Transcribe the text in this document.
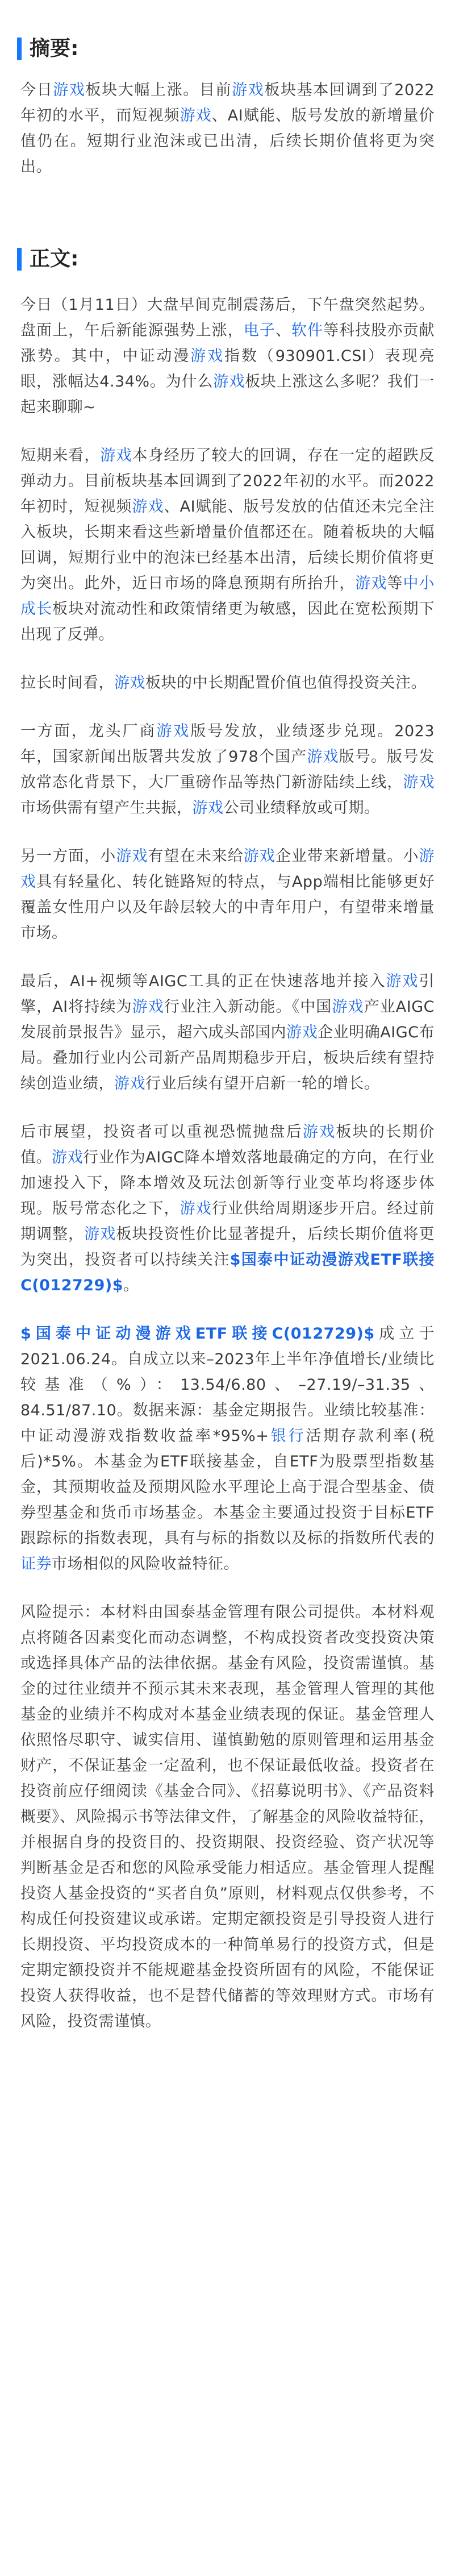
摘要:
今日游戏板块大幅上涨。目前游戏板块基本回调到了2022年初的水平，而短视频游戏、AI赋能、版号发放的新增量价值仍在。短期行业泡沫或已出清，后续长期价值将更为突出。
正文:
今日（1月11日）大盘早间克制震荡后，下午盘突然起势。盘面上，午后新能源强势上涨，电子、软件等科技股亦贡献涨势。其中，中证动漫游戏指数（930901.CSI）表现亮眼，涨幅达4.34%。为什么游戏板块上涨这么多呢？我们一起来聊聊~
短期来看，游戏本身经历了较大的回调，存在一定的超跌反弹动力。目前板块基本回调到了2022年初的水平。而2022年初时，短视频游戏、AI赋能、版号发放的估值还未完全注入板块，长期来看这些新增量价值都还在。随着板块的大幅回调，短期行业中的泡沫已经基本出清，后续长期价值将更为突出。此外，近日市场的降息预期有所抬升，游戏等中小成长板块对流动性和政策情绪更为敏感，因此在宽松预期下出现了反弹。
拉长时间看，游戏板块的中长期配置价值也值得投资关注。
一方面，龙头厂商游戏版号发放，业绩逐步兑现。2023年，国家新闻出版署共发放了978个国产游戏版号。版号发放常态化背景下，大厂重磅作品等热门新游陆续上线，游戏市场供需有望产生共振，游戏公司业绩释放或可期。
另一方面，小游戏有望在未来给游戏企业带来新增量。小游戏具有轻量化、转化链路短的特点，与App端相比能够更好覆盖女性用户以及年龄层较大的中青年用户，有望带来增量市场。
最后，AI+视频等AIGC工具的正在快速落地并接入游戏引擎，AI将持续为游戏行业注入新动能。《中国游戏产业AIGC发展前景报告》显示，超六成头部国内游戏企业明确AIGC布局。叠加行业内公司新产品周期稳步开启，板块后续有望持续创造业绩，游戏行业后续有望开启新一轮的增长。
后市展望，投资者可以重视恐慌抛盘后游戏板块的长期价值。游戏行业作为AIGC降本增效落地最确定的方向，在行业加速投入下，降本增效及玩法创新等行业变革均将逐步体现。版号常态化之下，游戏行业供给周期逐步开启。经过前期调整，游戏板块投资性价比显著提升，后续长期价值将更为突出，投资者可以持续关注$国泰中证动漫游戏ETF联接C(012729)$。
$国泰中证动漫游戏ETF联接C(012729)$成立于2021.06.24。自成立以来–2023年上半年净值增长/业绩比较基准（%）：13.54/6.80、–27.19/–31.35、84.51/87.10。数据来源：基金定期报告。业绩比较基准：中证动漫游戏指数收益率*95%+银行活期存款利率(税后)*5%。本基金为ETF联接基金，自ETF为股票型指数基金，其预期收益及预期风险水平理论上高于混合型基金、债券型基金和货币市场基金。本基金主要通过投资于目标ETF跟踪标的指数表现，具有与标的指数以及标的指数所代表的证券市场相似的风险收益特征。
风险提示：本材料由国泰基金管理有限公司提供。本材料观点将随各因素变化而动态调整，不构成投资者改变投资决策或选择具体产品的法律依据。基金有风险，投资需谨慎。基金的过往业绩并不预示其未来表现，基金管理人管理的其他基金的业绩并不构成对本基金业绩表现的保证。基金管理人依照恪尽职守、诚实信用、谨慎勤勉的原则管理和运用基金财产，不保证基金一定盈利，也不保证最低收益。投资者在投资前应仔细阅读《基金合同》、《招募说明书》、《产品资料概要》、风险揭示书等法律文件，了解基金的风险收益特征，并根据自身的投资目的、投资期限、投资经验、资产状况等判断基金是否和您的风险承受能力相适应。基金管理人提醒投资人基金投资的“买者自负”原则，材料观点仅供参考，不构成任何投资建议或承诺。定期定额投资是引导投资人进行长期投资、平均投资成本的一种简单易行的投资方式，但是定期定额投资并不能规避基金投资所固有的风险，不能保证投资人获得收益，也不是替代储蓄的等效理财方式。市场有风险，投资需谨慎。
